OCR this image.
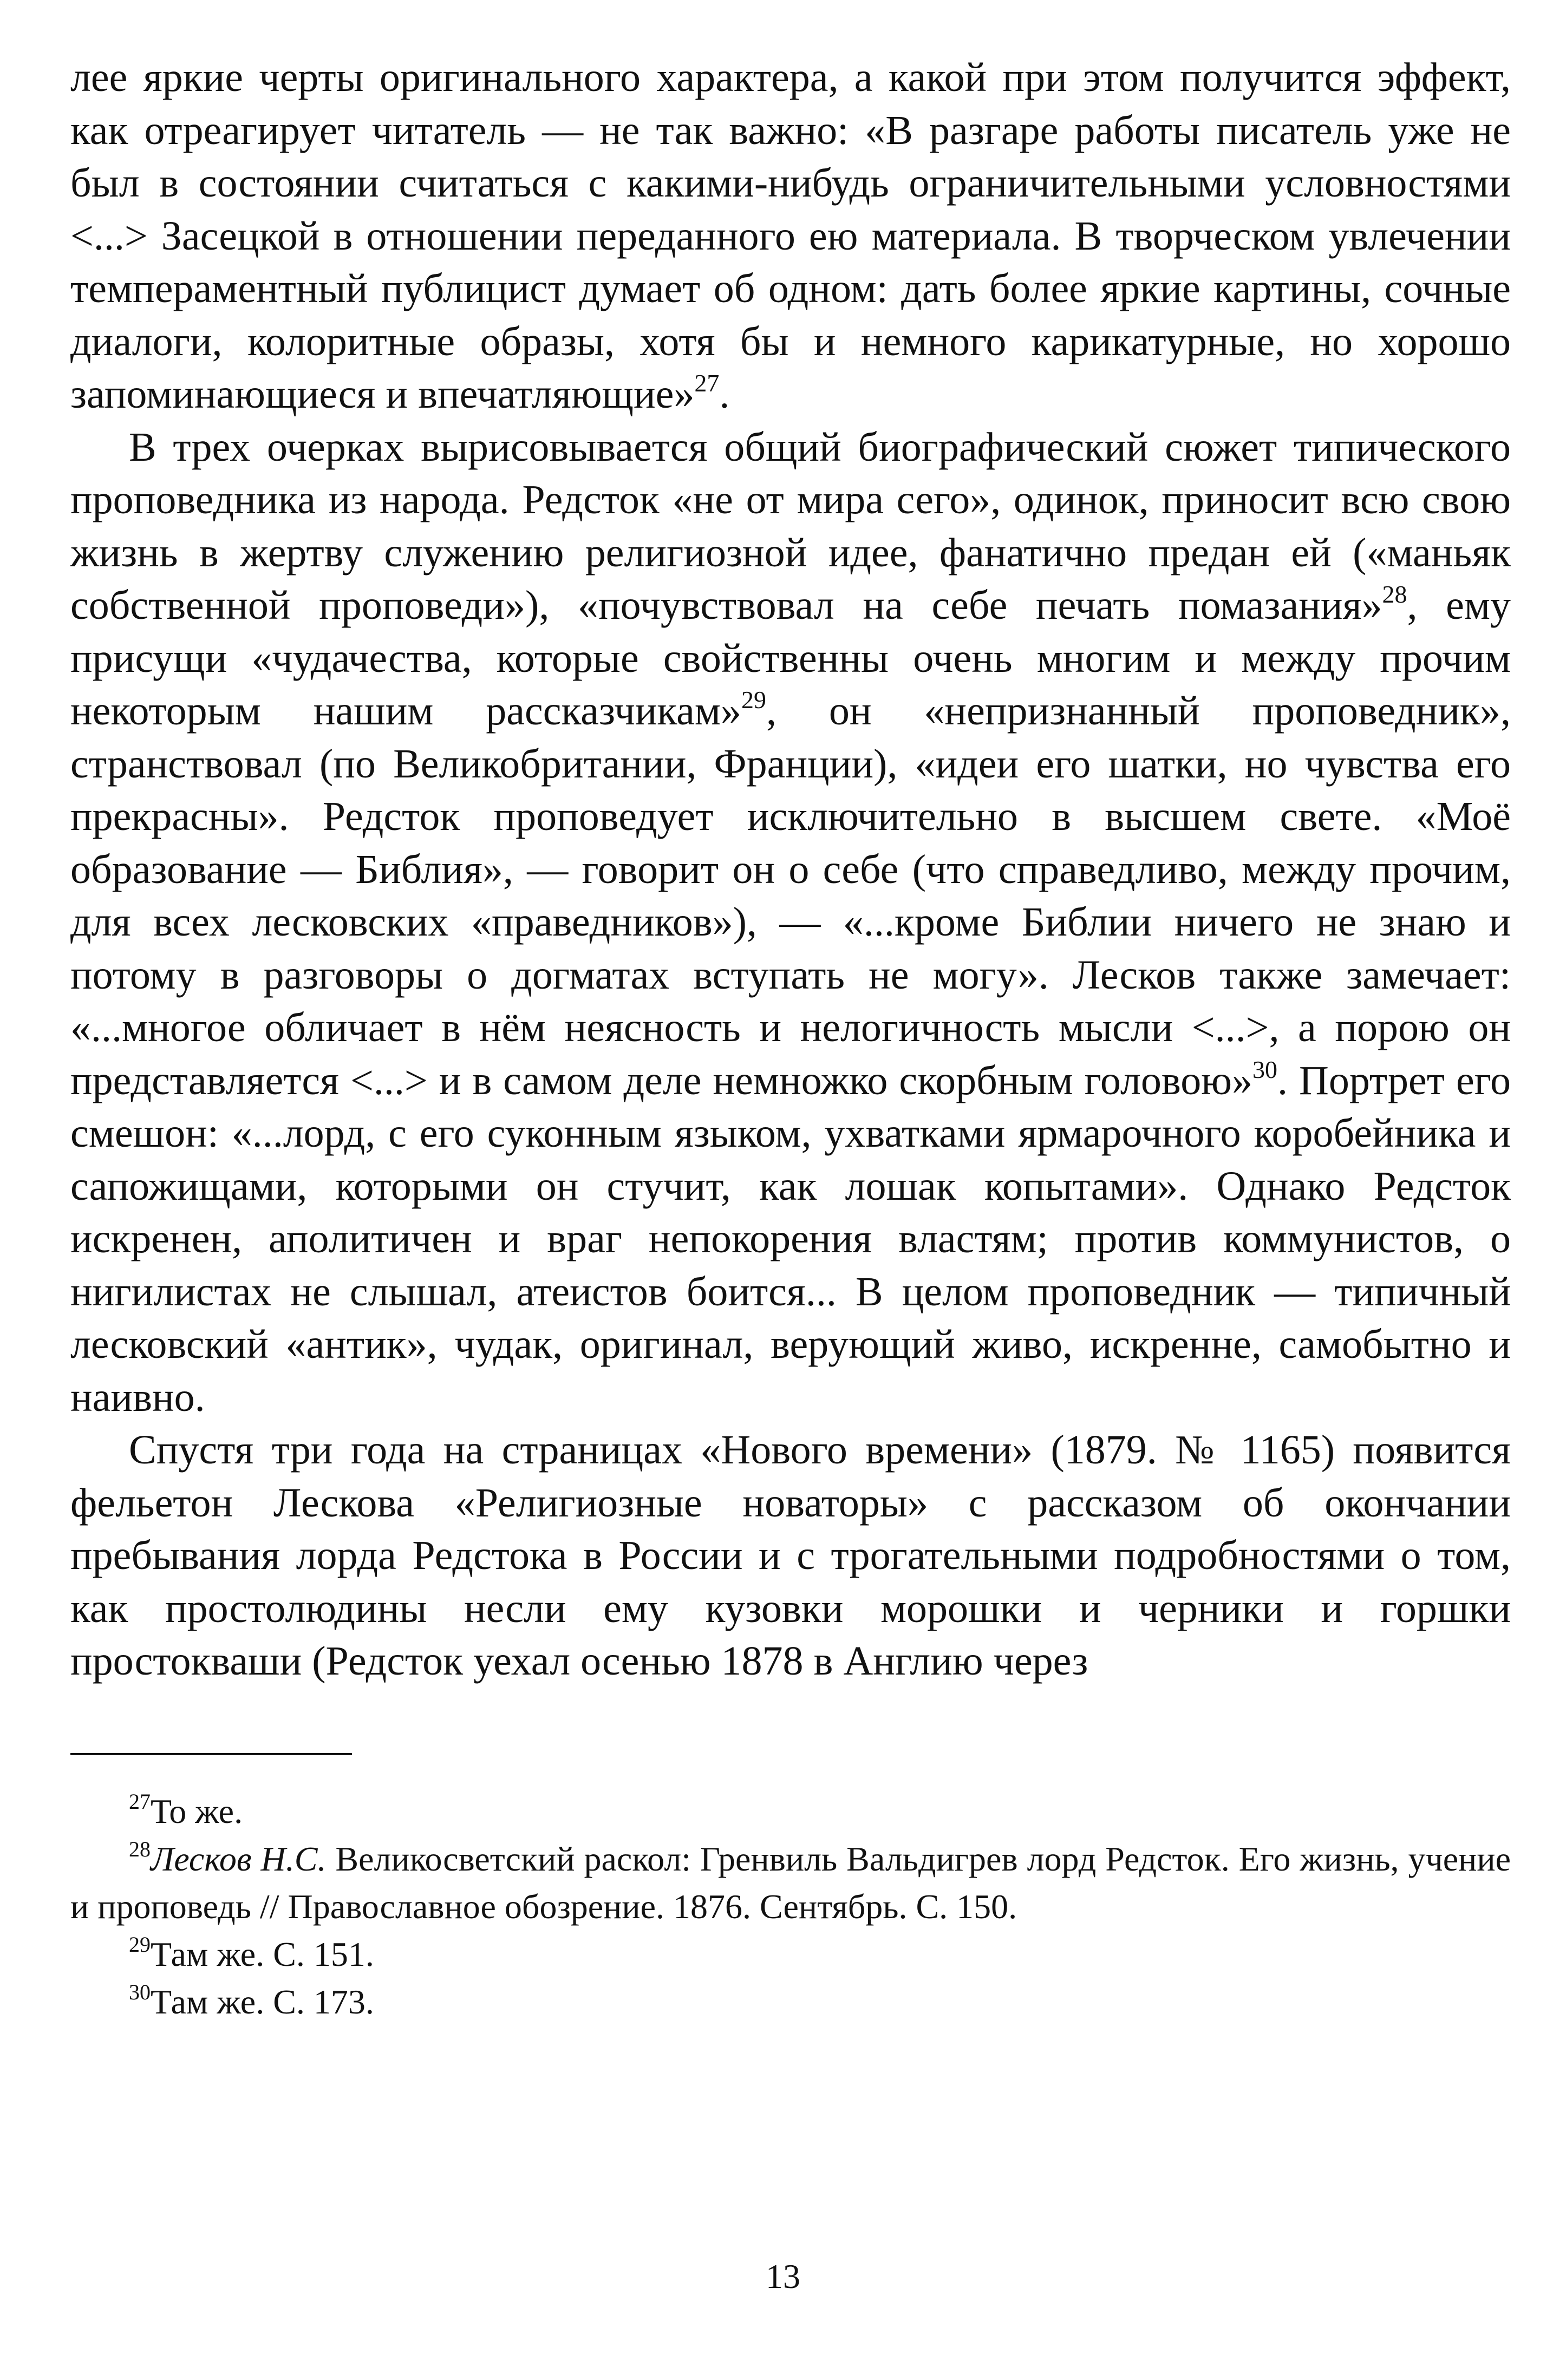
лее яркие черты оригинального характера, а какой при этом получится эффект, как отреагирует читатель — не так важно: «В разгаре работы писатель уже не был в состоянии считаться с какими-нибудь ограничительными условностями <...> Засецкой в отношении переданного ею материала. В творческом увлечении темпераментный публицист думает об одном: дать более яркие картины, сочные диалоги, колоритные образы, хотя бы и немного карикатурные, но хорошо запоминающиеся и впечатляющие»$^{27}$.

В трех очерках вырисовывается общий биографический сюжет типического проповедника из народа. Редсток «не от мира сего», одинок, приносит всю свою жизнь в жертву служению религиозной идее, фанатично предан ей («маньяк собственной проповеди»), «почувствовал на себе печать помазания»$^{28}$, ему присущи «чудачества, которые свойственны очень многим и между прочим некоторым нашим рассказчикам»$^{29}$, он «непризнанный проповедник», странствовал (по Великобритании, Франции), «идеи его шатки, но чувства его прекрасны». Редсток проповедует исключительно в высшем свете. «Моё образование — Библия», — говорит он о себе (что справедливо, между прочим, для всех лесковских «праведников»), — «...кроме Библии ничего не знаю и потому в разговоры о догматах вступать не могу». Лесков также замечает: «...многое обличает в нём неясность и нелогичность мысли <...>, а порою он представляется <...> и в самом деле немножко скорбным головою»$^{30}$. Портрет его смешон: «...лорд, с его суконным языком, ухватками ярмарочного коробейника и сапожищами, которыми он стучит, как лошак копытами». Однако Редсток искренен, аполитичен и враг непокорения властям; против коммунистов, о нигилистах не слышал, атеистов боится... В целом проповедник — типичный лесковский «антик», чудак, оригинал, верующий живо, искренне, самобытно и наивно.

Спустя три года на страницах «Нового времени» (1879. № 1165) появится фельетон Лескова «Религиозные новаторы» с рассказом об окончании пребывания лорда Редстока в России и с трогательными подробностями о том, как простолюдины несли ему кузовки морошки и черники и горшки простокваши (Редсток уехал осенью 1878 в Англию через

$^{27}$То же.

$^{28}$Лесков Н.С. Великосветский раскол: Гренвиль Вальдигрев лорд Редсток. Его жизнь, учение и проповедь // Православное обозрение. 1876. Сентябрь. С. 150.

$^{29}$Там же. С. 151.

$^{30}$Там же. С. 173.

13
